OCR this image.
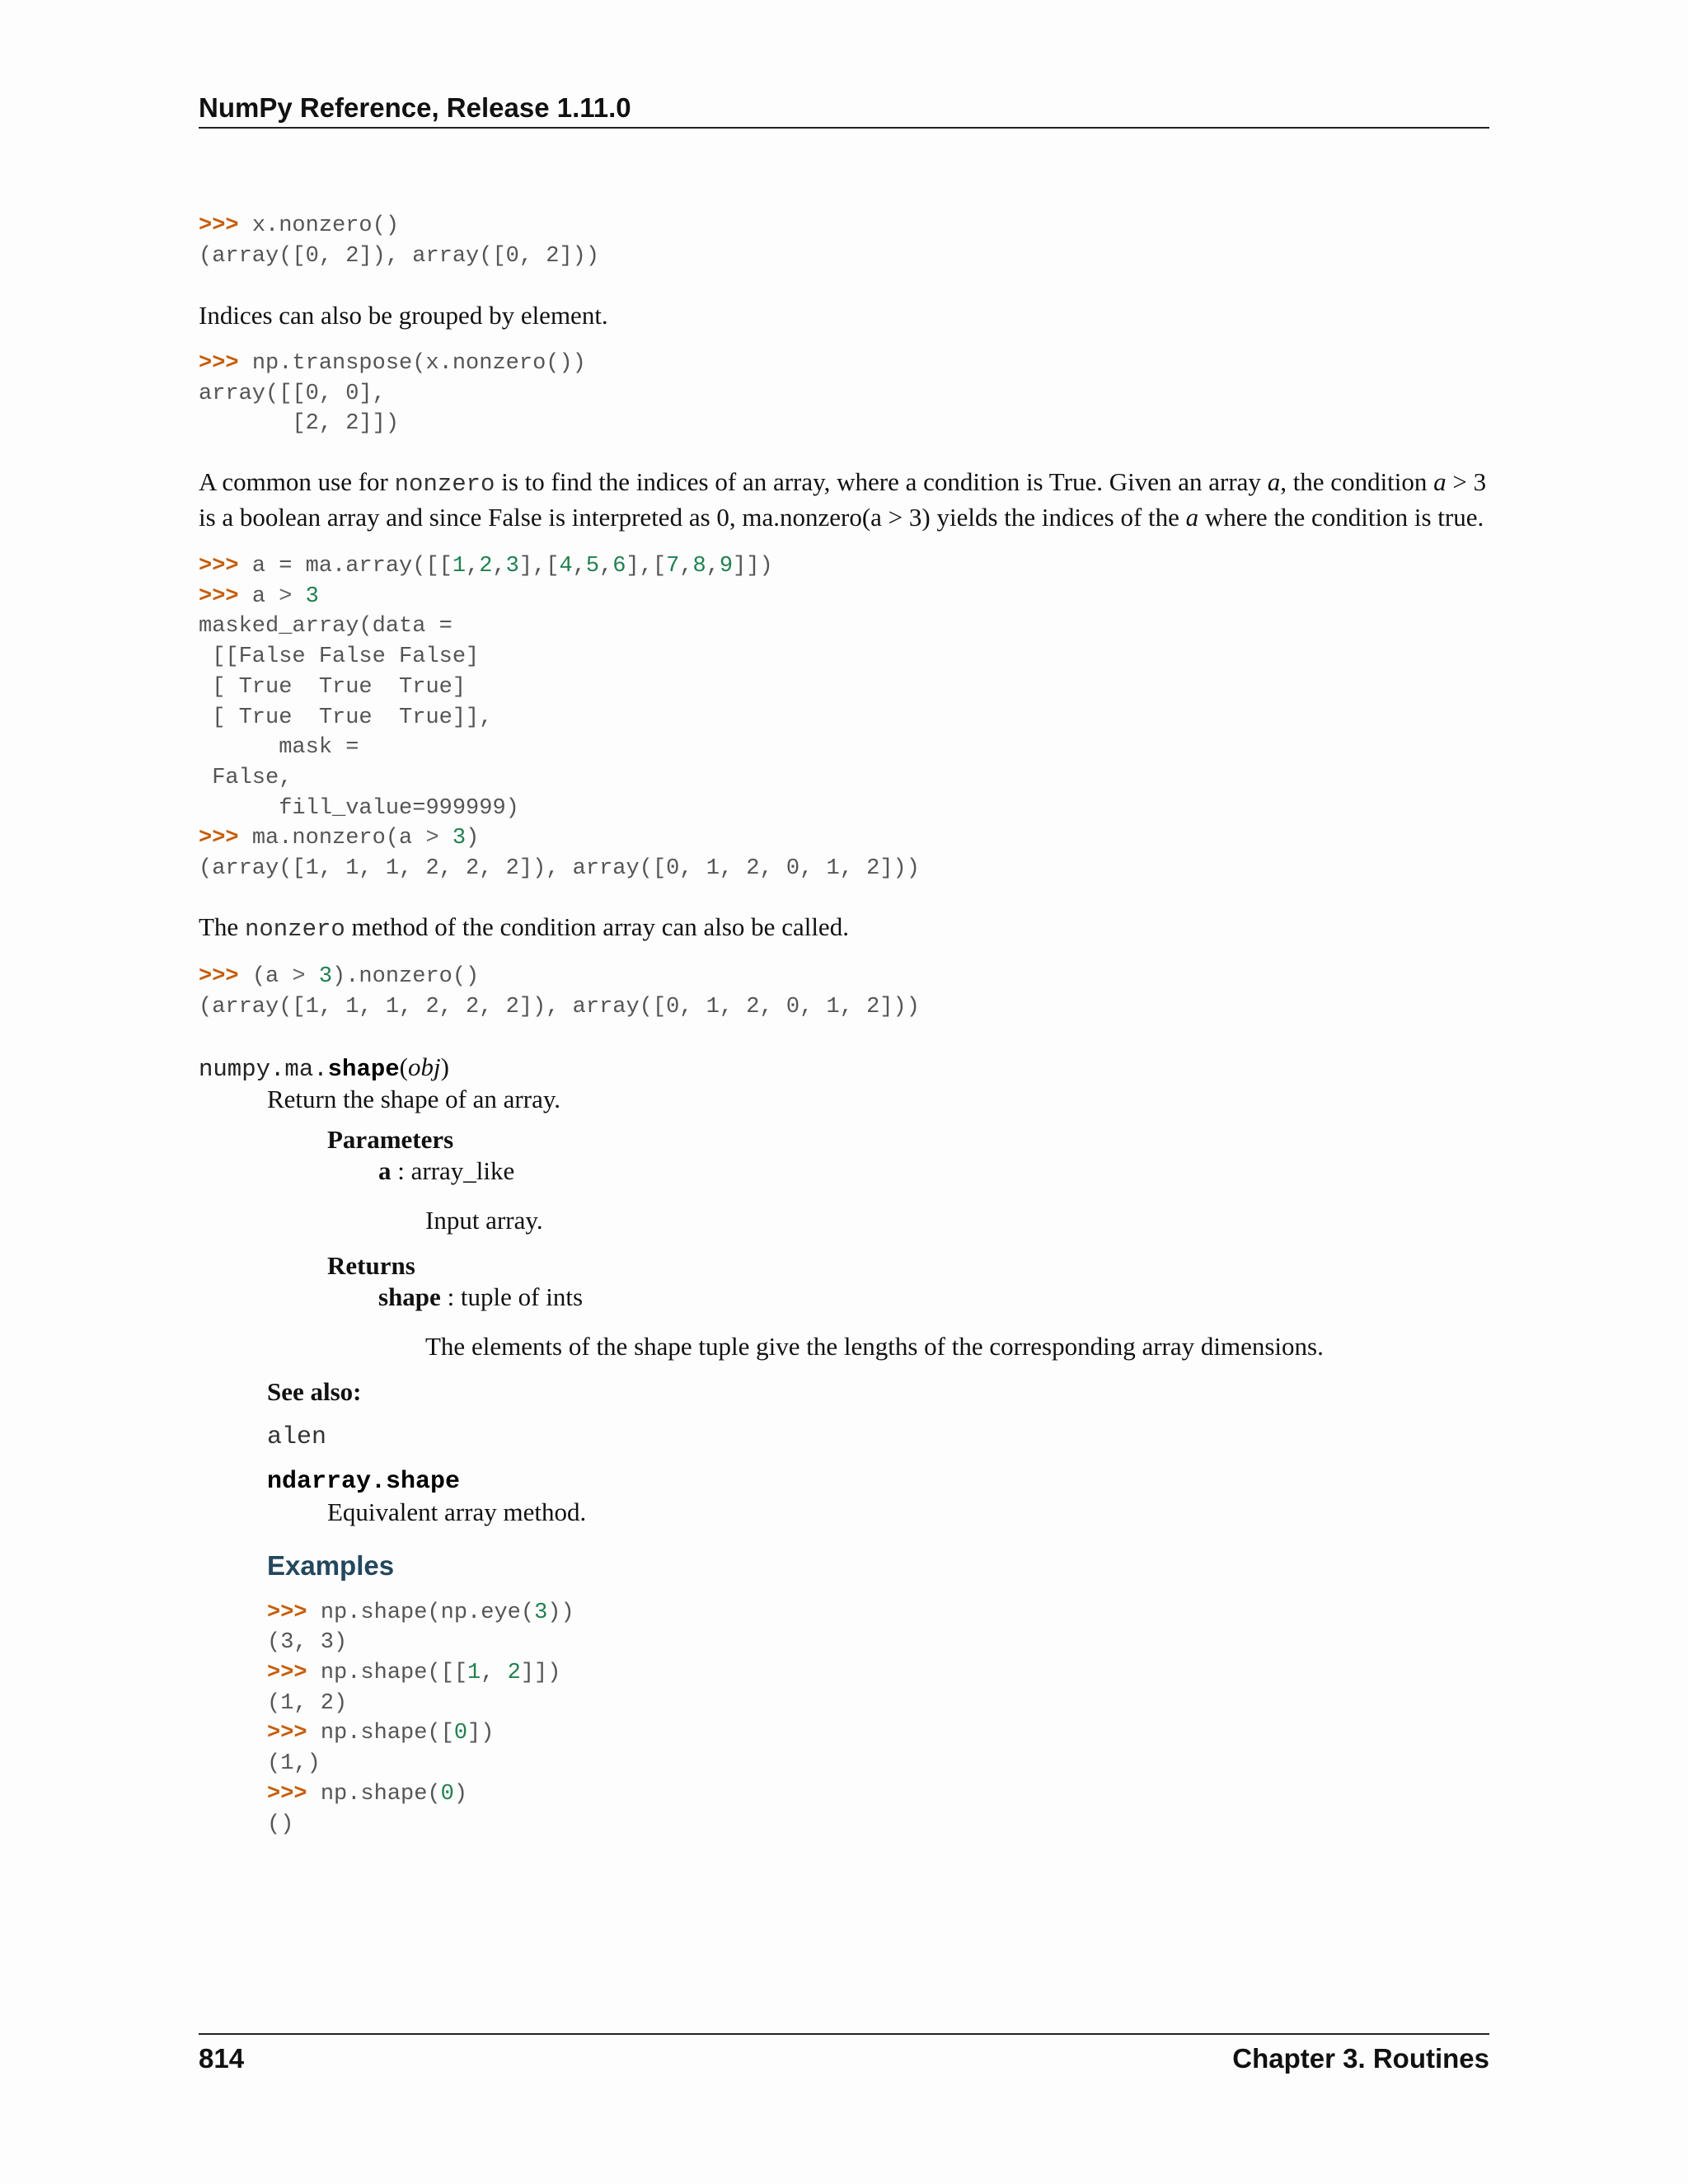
NumPy Reference, Release 1.11.0
>>> x.nonzero()
(array([0, 2]), array([0, 2]))

Indices can also be grouped by element.

>>> np.transpose(x.nonzero())
array([[0, 0],
[2, 2]])

A common use for nonzero is to find the indices of an array, where a condition is True. Given an array a, the condition a > 3 is a boolean array and since False is interpreted as 0, ma.nonzero(a > 3) yields the indices of the a where the condition is true.

>>> a = ma.array([[1,2,3],[4,5,6],[7,8,9]])
>>> a > 3
masked_array(data =
[[False False False]
[ True  True  True]
[ True  True  True]],
mask =
False,
fill_value=999999)
>>> ma.nonzero(a > 3)
(array([1, 1, 1, 2, 2, 2]), array([0, 1, 2, 0, 1, 2]))

The nonzero method of the condition array can also be called.

>>> (a > 3).nonzero()
(array([1, 1, 1, 2, 2, 2]), array([0, 1, 2, 0, 1, 2]))
numpy.ma.shape(obj)

Return the shape of an array.

Parameters
a : array_like
Input array.
Returns
shape : tuple of ints
The elements of the shape tuple give the lengths of the corresponding array dimensions.
See also:
alen
ndarray.shape
Equivalent array method.
Examples
>>> np.shape(np.eye(3))
(3, 3)
>>> np.shape([[1, 2]])
(1, 2)
>>> np.shape([0])
(1,)
>>> np.shape(0)
()
814	Chapter 3. Routines
